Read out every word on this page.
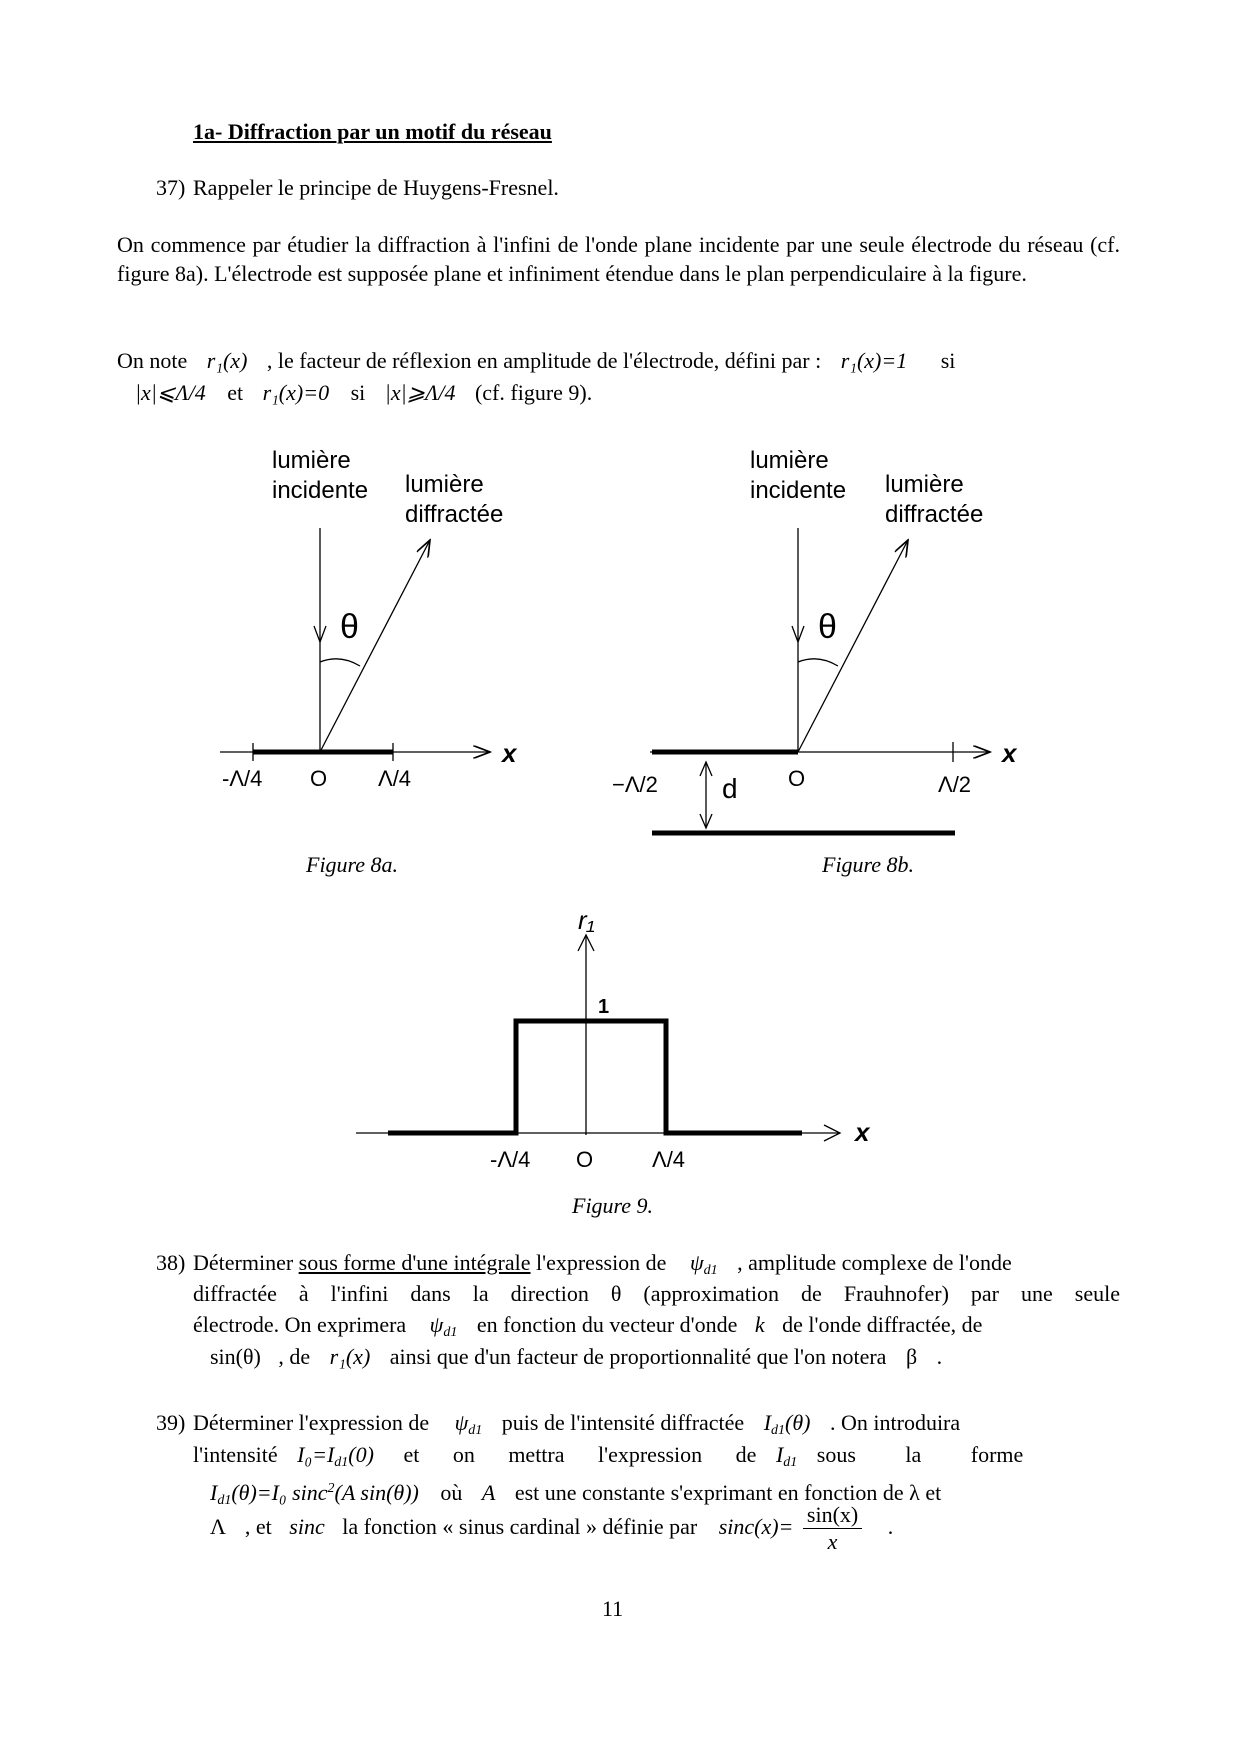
1a- Diffraction par un motif du réseau
37) Rappeler le principe de Huygens-Fresnel.
On commence par étudier la diffraction à l'infini de l'onde plane incidente par une seule électrode du réseau (cf. figure 8a). L'électrode est supposée plane et infiniment étendue dans le plan perpendiculaire à la figure.
On note r₁(x) , le facteur de réflexion en amplitude de l'électrode, défini par : r₁(x)=1 si
|x|⩽Λ/4 et r₁(x)=0 si |x|⩾Λ/4 (cf. figure 9).
lumière
incidente lumière
diffractée
θ
x
-Λ/4 O Λ/4
Figure 8a.
lumière
incidente lumière
diffractée
θ
d
x
−Λ/2	O	Λ/2
Figure 8b.
r₁
1
x
-Λ/4 O	Λ/4
Figure 9.
38) Déterminer sous forme d'une intégrale l'expression de $\psi_{d1}$ , amplitude complexe de l'onde
diffractée à l'infini dans la direction θ (approximation de Frauhnofer) par une seule
électrode. On exprimera $\psi_{d1}$ en fonction du vecteur d'onde k de l'onde diffractée, de
sin(θ) , de r₁(x) ainsi que d'un facteur de proportionnalité que l'on notera β .
39) Déterminer l'expression de $\psi_{d1}$ puis de l'intensité diffractée $I_{d1}(\theta)$ . On introduira
l'intensité $I_0=I_{d1}(0)$ et on mettra l'expression de $I_{d1}$ sous la forme
$I_{d1}(\theta)=I_0$ sinc$^2$(A sin(θ)) où A est une constante s'exprimant en fonction de λ et
Λ , et sinc la fonction « sinus cardinal » définie par $\sin c(x)= \frac{\sin(x)}{x}$ .
11
